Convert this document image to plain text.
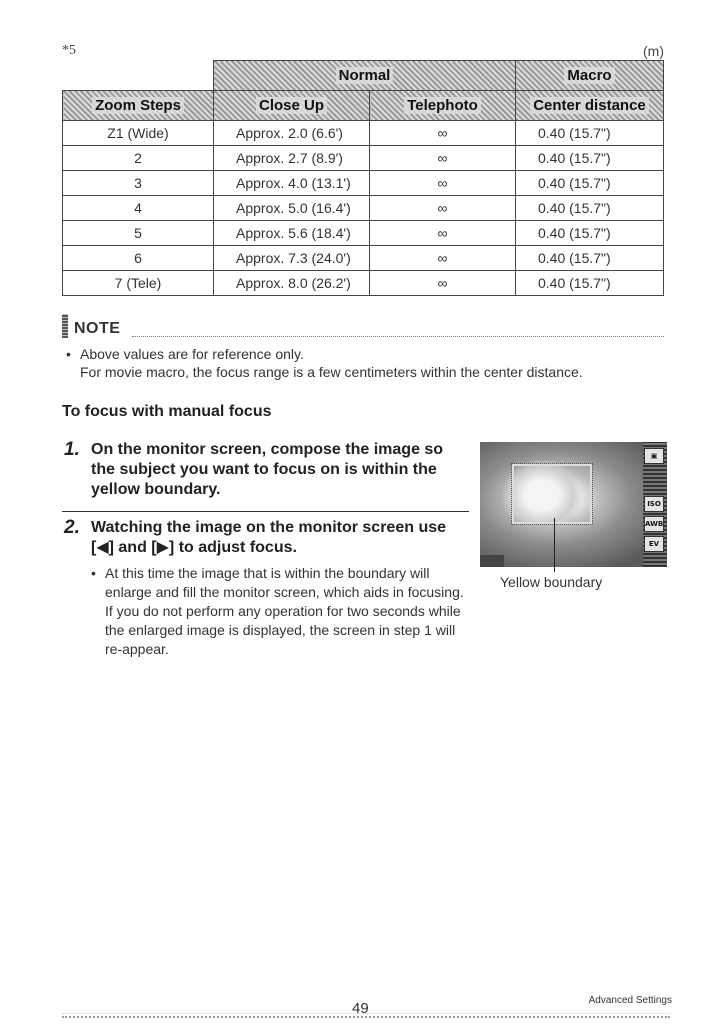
*5	(m)
	Normal		Macro
Zoom Steps	Close Up	Telephoto	Center distance
Z1 (Wide)	Approx. 2.0 (6.6')	∞	0.40 (15.7")
2	Approx. 2.7 (8.9')	∞	0.40 (15.7")
3	Approx. 4.0 (13.1')	∞	0.40 (15.7")
4	Approx. 5.0 (16.4')	∞	0.40 (15.7")
5	Approx. 5.6 (18.4')	∞	0.40 (15.7")
6	Approx. 7.3 (24.0')	∞	0.40 (15.7")
7 (Tele)	Approx. 8.0 (26.2')	∞	0.40 (15.7")
NOTE
• Above values are for reference only.
For movie macro, the focus range is a few centimeters within the center distance.
To focus with manual focus
1. On the monitor screen, compose the image so the subject you want to focus on is within the yellow boundary.
2. Watching the image on the monitor screen use [◀] and [▶] to adjust focus.
• At this time the image that is within the boundary will enlarge and fill the monitor screen, which aids in focusing. If you do not perform any operation for two seconds while the enlarged image is displayed, the screen in step 1 will re-appear.
▣
ISO
AWB
EV
Yellow boundary
49	Advanced Settings
